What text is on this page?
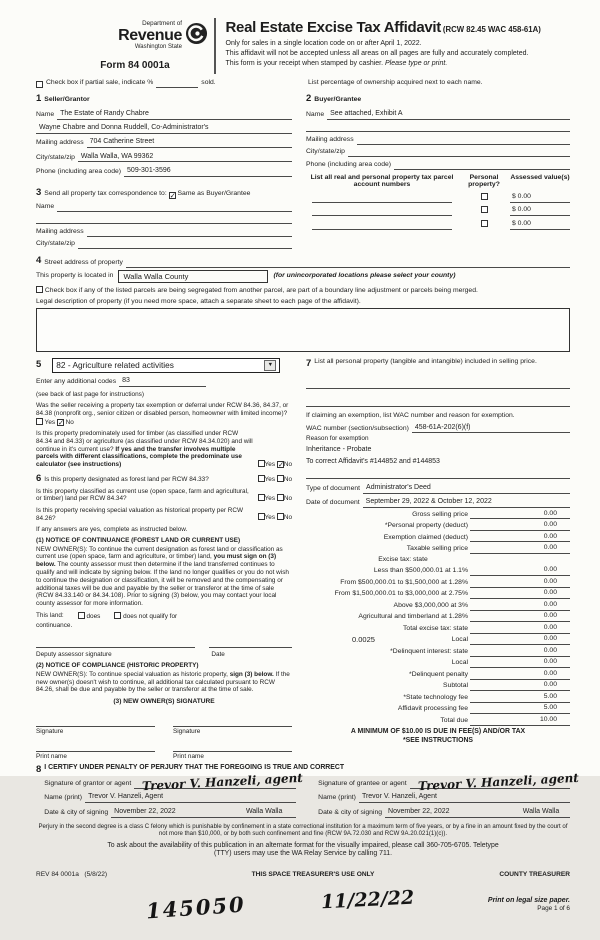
Department of
Revenue
Washington State
Form 84 0001a
Real Estate Excise Tax Affidavit (RCW 82.45 WAC 458-61A)
Only for sales in a single location code on or after April 1, 2022.
This affidavit will not be accepted unless all areas on all pages are fully and accurately completed.
This form is your receipt when stamped by cashier. Please type or print.
Check box if partial sale, indicate %	sold.	List percentage of ownership acquired next to each name.
1 Seller/Grantor
Name The Estate of Randy Chabre
Wayne Chabre and Donna Ruddell, Co-Administrator's
Mailing address 704 Catherine Street
City/state/zip Walla Walla, WA 99362
Phone (including area code) 509-301-3596
3 Send all property tax correspondence to:
✓
Same as Buyer/Grantee
Name
Mailing address
City/state/zip
2 Buyer/Grantee
Name See attached, Exhibit A
Mailing address
City/state/zip
Phone (including area code)
List all real and personal property tax parcel account numbers
Personal property?
Assessed value(s)
$ 0.00
$ 0.00
$ 0.00
4 Street address of property
This property is located in	Walla Walla County	(for unincorporated locations please select your county)
Check box if any of the listed parcels are being segregated from another parcel, are part of a boundary line adjustment or parcels being merged.
Legal description of property (if you need more space, attach a separate sheet to each page of the affidavit).
5 82 - Agriculture related activities	▼
Enter any additional codes 83
(see back of last page for instructions)
Was the seller receiving a property tax exemption or deferral under RCW 84.36, 84.37, or 84.38 (nonprofit org., senior citizen or disabled person, homeowner with limited income)?  Yes ✓ No
Is this property predominately used for timber (as classified under RCW 84.34 and 84.33) or agriculture (as classified under RCW 84.34.020) and will continue in it's current use? If yes and the transfer involves multiple parcels with different classifications, complete the predominate use calculator (see instructions)	Yes ✓No
6 Is this property designated as forest land per RCW 84.33?	Yes No
Is this property classified as current use (open space, farm and agricultural, or timber) land per RCW 84.34?	Yes No
Is this property receiving special valuation as historical property per RCW 84.26?	Yes No
If any answers are yes, complete as instructed below.
(1) NOTICE OF CONTINUANCE (FOREST LAND OR CURRENT USE)
NEW OWNER(S): To continue the current designation as forest land or classification as current use (open space, farm and agriculture, or timber) land, you must sign on (3) below. The county assessor must then determine if the land transferred continues to qualify and will indicate by signing below. If the land no longer qualifies or you do not wish to continue the designation or classification, it will be removed and the compensating or additional taxes will be due and payable by the seller or transferor at the time of sale (RCW 84.33.140 or 84.34.108). Prior to signing (3) below, you may contact your local county assessor for more information.
This land:	does	does not qualify for
continuance.
Deputy assessor signature	Date
(2) NOTICE OF COMPLIANCE (HISTORIC PROPERTY)
NEW OWNER(S): To continue special valuation as historic property, sign (3) below. If the new owner(s) doesn't wish to continue, all additional tax calculated pursuant to RCW 84.26, shall be due and payable by the seller or transferor at the time of sale.
(3) NEW OWNER(S) SIGNATURE
Signature	Signature
Print name	Print name
7 List all personal property (tangible and intangible) included in selling price.
If claiming an exemption, list WAC number and reason for exemption.
WAC number (section/subsection) 458-61A-202(6)(f)
Reason for exemption
Inheritance - Probate
To correct Affidavit's #144852 and #144853
Type of document Administrator's Deed
Date of document September 29, 2022 & October 12, 2022
Gross selling price	0.00
*Personal property (deduct)	0.00
Exemption claimed (deduct)	0.00
Taxable selling price	0.00
Excise tax: state
Less than $500,000.01 at 1.1%	0.00
From $500,000.01 to $1,500,000 at 1.28%	0.00
From $1,500,000.01 to $3,000,000 at 2.75%	0.00
Above $3,000,000 at 3%	0.00
Agricultural and timberland at 1.28%	0.00
Total excise tax: state	0.00
0.0025	Local	0.00
*Delinquent interest: state	0.00
Local	0.00
*Delinquent penalty	0.00
Subtotal	0.00
*State technology fee	5.00
Affidavit processing fee	5.00
Total due	10.00
A MINIMUM OF $10.00 IS DUE IN FEE(S) AND/OR TAX
*SEE INSTRUCTIONS
8 I CERTIFY UNDER PENALTY OF PERJURY THAT THE FOREGOING IS TRUE AND CORRECT
Signature of grantor or agent Trevor V. Hanzeli, agent
Name (print) Trevor V. Hanzeli, Agent
Date & city of signing November 22, 2022	Walla Walla
Signature of grantee or agent Trevor V. Hanzeli, agent
Name (print) Trevor V. Hanzeli, Agent
Date & city of signing November 22, 2022	Walla Walla
Perjury in the second degree is a class C felony which is punishable by confinement in a state correctional institution for a maximum term of five years, or by a fine in an amount fixed by the court of not more than $10,000, or by both such confinement and fine (RCW 9A.72.030 and RCW 9A.20.021(1)(c)).
To ask about the availability of this publication in an alternate format for the visually impaired, please call 360-705-6705. Teletype
(TTY) users may use the WA Relay Service by calling 711.
REV 84 0001a (5/8/22)	THIS SPACE TREASURER'S USE ONLY	COUNTY TREASURER
145050	11/22/22	Print on legal size paper.
Page 1 of 6
